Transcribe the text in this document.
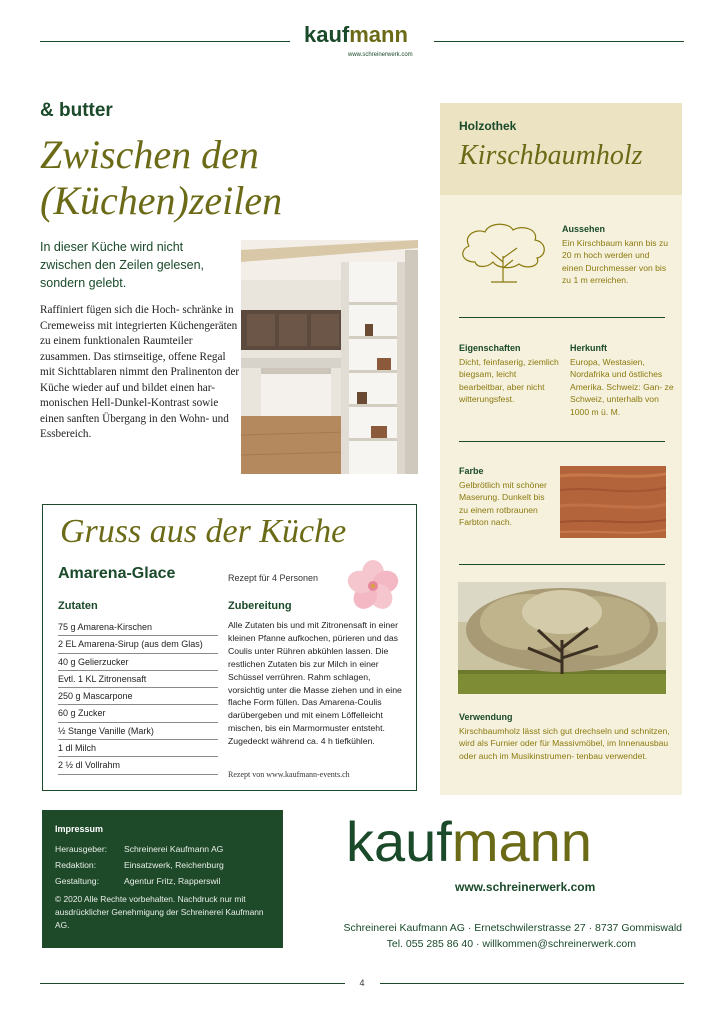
kaufmann
www.schreinerwerk.com
& butter
Zwischen den (Küchen)zeilen
In dieser Küche wird nicht zwischen den Zeilen gelesen, sondern gelebt.
Raffiniert fügen sich die Hoch- schränke in Cremeweiss mit integrierten Küchengeräten zu einem funktionalen Raumteiler zusammen. Das stirnseitige, offene Regal mit Sichttablaren nimmt den Pralinenton der Küche wieder auf und bildet einen har- monischen Hell-Dunkel-Kontrast sowie einen sanften Übergang in den Wohn- und Essbereich.
Gruss aus der Küche
Amarena-Glace	Rezept für 4 Personen
Zutaten
75 g Amarena-Kirschen
2 EL Amarena-Sirup (aus dem Glas)
40 g Gelierzucker
Evtl. 1 KL Zitronensaft
250 g Mascarpone
60 g Zucker
½ Stange Vanille (Mark)
1 dl Milch
2 ½ dl Vollrahm
Zubereitung
Alle Zutaten bis und mit Zitronensaft in einer kleinen Pfanne aufkochen, pürieren und das Coulis unter Rühren abkühlen lassen. Die restlichen Zutaten bis zur Milch in einer Schüssel verrühren. Rahm schlagen, vorsichtig unter die Masse ziehen und in eine flache Form füllen. Das Amarena-Coulis darübergeben und mit einem Löffelleicht mischen, bis ein Marmormuster entsteht. Zugedeckt während ca. 4 h tiefkühlen.
Rezept von www.kaufmann-events.ch
Holzothek
Kirschbaumholz
Aussehen
Ein Kirschbaum kann bis zu 20 m hoch werden und einen Durchmesser von bis zu 1 m erreichen.
Eigenschaften
Dicht, feinfaserig, ziemlich biegsam, leicht bearbeitbar, aber nicht witterungsfest.
Herkunft
Europa, Westasien, Nordafrika und östliches Amerika. Schweiz: Gan- ze Schweiz, unterhalb von 1000 m ü. M.
Farbe
Gelbrötlich mit schöner Maserung. Dunkelt bis zu einem rotbraunen Farbton nach.
Verwendung
Kirschbaumholz lässt sich gut drechseln und schnitzen, wird als Furnier oder für Massivmöbel, im Innenausbau oder auch im Musikinstrumen- tenbau verwendet.
Impressum
Herausgeber: Schreinerei Kaufmann AG
Redaktion:	Einsatzwerk, Reichenburg
Gestaltung:	Agentur Fritz, Rapperswil
© 2020 Alle Rechte vorbehalten. Nachdruck nur mit ausdrücklicher Genehmigung der Schreinerei Kaufmann AG.
kaufmann
www.schreinerwerk.com
Schreinerei Kaufmann AG · Ernetschwilerstrasse 27 · 8737 Gommiswald
Tel. 055 285 86 40 · willkommen@schreinerwerk.com
4
